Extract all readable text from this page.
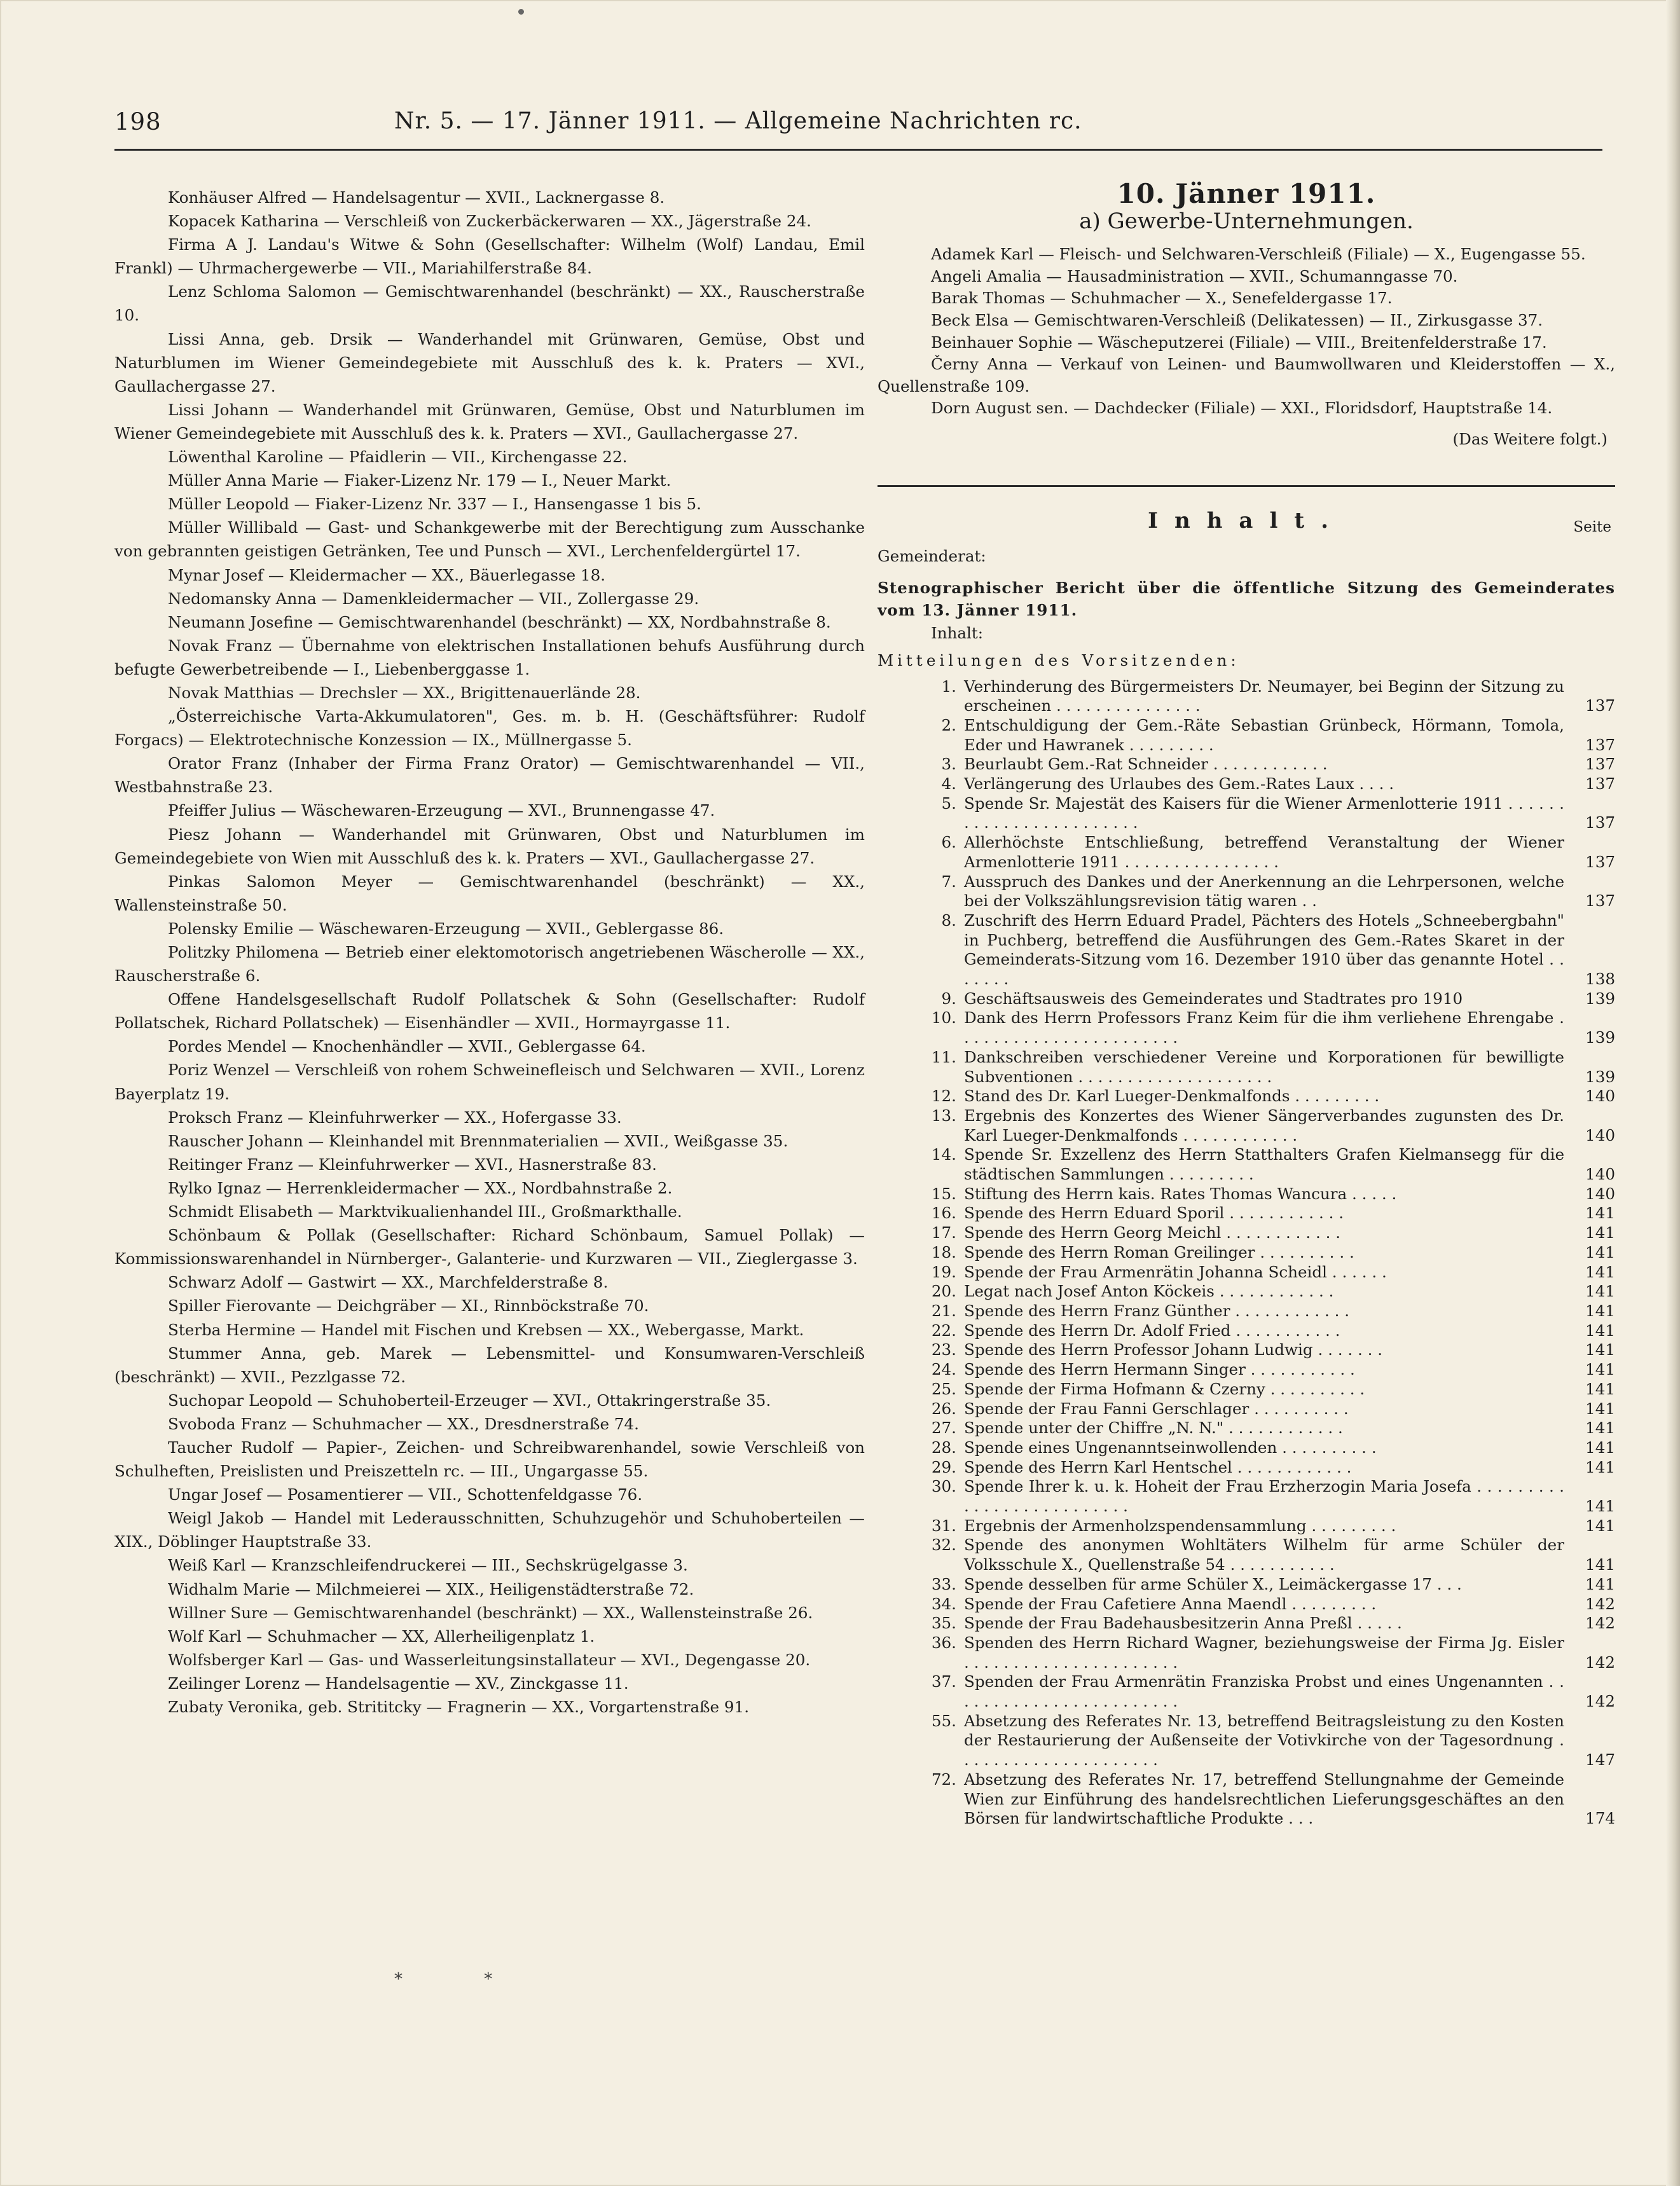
198	Nr. 5. — 17. Jänner 1911. — Allgemeine Nachrichten rc.

Konhäuser Alfred — Handelsagentur — XVII., Lacknergasse 8.

Kopacek Katharina — Verschleiß von Zuckerbäckerwaren — XX., Jägerstraße 24.

Firma A J. Landau's Witwe & Sohn (Gesellschafter: Wilhelm (Wolf) Landau, Emil Frankl) — Uhrmachergewerbe — VII., Mariahilferstraße 84.

Lenz Schloma Salomon — Gemischtwarenhandel (beschränkt) — XX., Rauscherstraße 10.

Lissi Anna, geb. Drsik — Wanderhandel mit Grünwaren, Gemüse, Obst und Naturblumen im Wiener Gemeindegebiete mit Ausschluß des k. k. Praters — XVI., Gaullachergasse 27.

Lissi Johann — Wanderhandel mit Grünwaren, Gemüse, Obst und Naturblumen im Wiener Gemeindegebiete mit Ausschluß des k. k. Praters — XVI., Gaullachergasse 27.

Löwenthal Karoline — Pfaidlerin — VII., Kirchengasse 22.

Müller Anna Marie — Fiaker-Lizenz Nr. 179 — I., Neuer Markt.

Müller Leopold — Fiaker-Lizenz Nr. 337 — I., Hansengasse 1 bis 5.

Müller Willibald — Gast- und Schankgewerbe mit der Berechtigung zum Ausschanke von gebrannten geistigen Getränken, Tee und Punsch — XVI., Lerchenfeldergürtel 17.

Mynar Josef — Kleidermacher — XX., Bäuerlegasse 18.

Nedomansky Anna — Damenkleidermacher — VII., Zollergasse 29.

Neumann Josefine — Gemischtwarenhandel (beschränkt) — XX, Nordbahnstraße 8.

Novak Franz — Übernahme von elektrischen Installationen behufs Ausführung durch befugte Gewerbetreibende — I., Liebenberggasse 1.

Novak Matthias — Drechsler — XX., Brigittenauerlände 28.

„Österreichische Varta-Akkumulatoren", Ges. m. b. H. (Geschäftsführer: Rudolf Forgacs) — Elektrotechnische Konzession — IX., Müllnergasse 5.

Orator Franz (Inhaber der Firma Franz Orator) — Gemischtwarenhandel — VII., Westbahnstraße 23.

Pfeiffer Julius — Wäschewaren-Erzeugung — XVI., Brunnengasse 47.

Piesz Johann — Wanderhandel mit Grünwaren, Obst und Naturblumen im Gemeindegebiete von Wien mit Ausschluß des k. k. Praters — XVI., Gaullachergasse 27.

Pinkas Salomon Meyer — Gemischtwarenhandel (beschränkt) — XX., Wallensteinstraße 50.

Polensky Emilie — Wäschewaren-Erzeugung — XVII., Geblergasse 86.

Politzky Philomena — Betrieb einer elektomotorisch angetriebenen Wäscherolle — XX., Rauscherstraße 6.

Offene Handelsgesellschaft Rudolf Pollatschek & Sohn (Gesellschafter: Rudolf Pollatschek, Richard Pollatschek) — Eisenhändler — XVII., Hormayrgasse 11.

Pordes Mendel — Knochenhändler — XVII., Geblergasse 64.

Poriz Wenzel — Verschleiß von rohem Schweinefleisch und Selchwaren — XVII., Lorenz Bayerplatz 19.

Proksch Franz — Kleinfuhrwerker — XX., Hofergasse 33.

Rauscher Johann — Kleinhandel mit Brennmaterialien — XVII., Weißgasse 35.

Reitinger Franz — Kleinfuhrwerker — XVI., Hasnerstraße 83.

Rylko Ignaz — Herrenkleidermacher — XX., Nordbahnstraße 2.

Schmidt Elisabeth — Marktvikualienhandel III., Großmarkthalle.

Schönbaum & Pollak (Gesellschafter: Richard Schönbaum, Samuel Pollak) — Kommissionswarenhandel in Nürnberger-, Galanterie- und Kurzwaren — VII., Zieglergasse 3.

Schwarz Adolf — Gastwirt — XX., Marchfelderstraße 8.

Spiller Fierovante — Deichgräber — XI., Rinnböckstraße 70.

Sterba Hermine — Handel mit Fischen und Krebsen — XX., Webergasse, Markt.

Stummer Anna, geb. Marek — Lebensmittel- und Konsumwaren-Verschleiß (beschränkt) — XVII., Pezzlgasse 72.

Suchopar Leopold — Schuhoberteil-Erzeuger — XVI., Ottakringerstraße 35.

Svoboda Franz — Schuhmacher — XX., Dresdnerstraße 74.

Taucher Rudolf — Papier-, Zeichen- und Schreibwarenhandel, sowie Verschleiß von Schulheften, Preislisten und Preiszetteln rc. — III., Ungargasse 55.

Ungar Josef — Posamentierer — VII., Schottenfeldgasse 76.

Weigl Jakob — Handel mit Lederausschnitten, Schuhzugehör und Schuhoberteilen — XIX., Döblinger Hauptstraße 33.

Weiß Karl — Kranzschleifendruckerei — III., Sechskrügelgasse 3.

Widhalm Marie — Milchmeierei — XIX., Heiligenstädterstraße 72.

Willner Sure — Gemischtwarenhandel (beschränkt) — XX., Wallensteinstraße 26.

Wolf Karl — Schuhmacher — XX, Allerheiligenplatz 1.

Wolfsberger Karl — Gas- und Wasserleitungsinstallateur — XVI., Degengasse 20.

Zeilinger Lorenz — Handelsagentie — XV., Zinckgasse 11.

Zubaty Veronika, geb. Strititcky — Fragnerin — XX., Vorgartenstraße 91.

* *
10. Jänner 1911.
a) Gewerbe-Unternehmungen.

Adamek Karl — Fleisch- und Selchwaren-Verschleiß (Filiale) — X., Eugengasse 55.

Angeli Amalia — Hausadministration — XVII., Schumanngasse 70.

Barak Thomas — Schuhmacher — X., Senefeldergasse 17.

Beck Elsa — Gemischtwaren-Verschleiß (Delikatessen) — II., Zirkusgasse 37.

Beinhauer Sophie — Wäscheputzerei (Filiale) — VIII., Breitenfelderstraße 17.

Černy Anna — Verkauf von Leinen- und Baumwollwaren und Kleiderstoffen — X., Quellenstraße 109.

Dorn August sen. — Dachdecker (Filiale) — XXI., Floridsdorf, Hauptstraße 14.

(Das Weitere folgt.)
Inhalt.	Seite
Gemeinderat:
Stenographischer Bericht über die öffentliche Sitzung des Gemeinderates vom 13. Jänner 1911.
Inhalt:
Mitteilungen des Vorsitzenden:
1. Verhinderung des Bürgermeisters Dr. Neumayer, bei Beginn der Sitzung zu erscheinen . . . . . . . . . . . . . . .	137
2. Entschuldigung der Gem.-Räte Sebastian Grünbeck, Hörmann, Tomola, Eder und Hawranek . . . . . . . . .	137
3. Beurlaubt Gem.-Rat Schneider . . . . . . . . . . . .	137
4. Verlängerung des Urlaubes des Gem.-Rates Laux . . . .	137
5. Spende Sr. Majestät des Kaisers für die Wiener Armenlotterie 1911 . . . . . . . . . . . . . . . . . . . . . . . .	137
6. Allerhöchste Entschließung, betreffend Veranstaltung der Wiener Armenlotterie 1911 . . . . . . . . . . . . . . . .	137
7. Ausspruch des Dankes und der Anerkennung an die Lehrpersonen, welche bei der Volkszählungsrevision tätig waren . .	137
8. Zuschrift des Herrn Eduard Pradel, Pächters des Hotels „Schneebergbahn" in Puchberg, betreffend die Ausführungen des Gem.-Rates Skaret in der Gemeinderats-Sitzung vom 16. Dezember 1910 über das genannte Hotel . . . . . . .	138
9. Geschäftsausweis des Gemeinderates und Stadtrates pro 1910	139
10. Dank des Herrn Professors Franz Keim für die ihm verliehene Ehrengabe . . . . . . . . . . . . . . . . . . . . . . .	139
11. Dankschreiben verschiedener Vereine und Korporationen für bewilligte Subventionen . . . . . . . . . . . . . . . . . . . .	139
12. Stand des Dr. Karl Lueger-Denkmalfonds . . . . . . . . .	140
13. Ergebnis des Konzertes des Wiener Sängerverbandes zugunsten des Dr. Karl Lueger-Denkmalfonds . . . . . . . . . . . .	140
14. Spende Sr. Exzellenz des Herrn Statthalters Grafen Kielmansegg für die städtischen Sammlungen . . . . . . . . .	140
15. Stiftung des Herrn kais. Rates Thomas Wancura . . . . .	140
16. Spende des Herrn Eduard Sporil . . . . . . . . . . . .	141
17. Spende des Herrn Georg Meichl . . . . . . . . . . . .	141
18. Spende des Herrn Roman Greilinger . . . . . . . . . .	141
19. Spende der Frau Armenrätin Johanna Scheidl . . . . . .	141
20. Legat nach Josef Anton Köckeis . . . . . . . . . . . .	141
21. Spende des Herrn Franz Günther . . . . . . . . . . . .	141
22. Spende des Herrn Dr. Adolf Fried . . . . . . . . . . .	141
23. Spende des Herrn Professor Johann Ludwig . . . . . . .	141
24. Spende des Herrn Hermann Singer . . . . . . . . . . .	141
25. Spende der Firma Hofmann & Czerny . . . . . . . . . .	141
26. Spende der Frau Fanni Gerschlager . . . . . . . . . .	141
27. Spende unter der Chiffre „N. N." . . . . . . . . . . . .	141
28. Spende eines Ungenanntseinwollenden . . . . . . . . . .	141
29. Spende des Herrn Karl Hentschel . . . . . . . . . . . .	141
30. Spende Ihrer k. u. k. Hoheit der Frau Erzherzogin Maria Josefa . . . . . . . . . . . . . . . . . . . . . . . . . .	141
31. Ergebnis der Armenholzspendensammlung . . . . . . . . .	141
32. Spende des anonymen Wohltäters Wilhelm für arme Schüler der Volksschule X., Quellenstraße 54 . . . . . . . . . . .	141
33. Spende desselben für arme Schüler X., Leimäckergasse 17 . . .	141
34. Spende der Frau Cafetiere Anna Maendl . . . . . . . . .	142
35. Spende der Frau Badehausbesitzerin Anna Preßl . . . . .	142
36. Spenden des Herrn Richard Wagner, beziehungsweise der Firma Jg. Eisler . . . . . . . . . . . . . . . . . . . . . .	142
37. Spenden der Frau Armenrätin Franziska Probst und eines Ungenannten . . . . . . . . . . . . . . . . . . . . . . . .	142
55. Absetzung des Referates Nr. 13, betreffend Beitragsleistung zu den Kosten der Restaurierung der Außenseite der Votivkirche von der Tagesordnung . . . . . . . . . . . . . . . . . . . . .	147
72. Absetzung des Referates Nr. 17, betreffend Stellungnahme der Gemeinde Wien zur Einführung des handelsrechtlichen Lieferungsgeschäftes an den Börsen für landwirtschaftliche Produkte . . .	174
